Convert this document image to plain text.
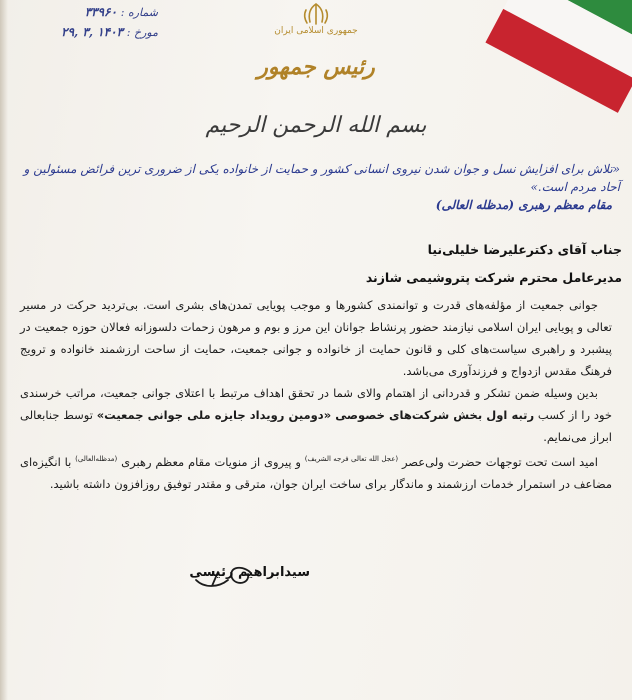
شماره : ۳۳۹۶۰
مورخ : ۱۴۰۳ ,۳ ,۲۹	جمهوری اسلامی ایران
رئیس جمهور
بسم الله الرحمن الرحیم
«تلاش برای افزایش نسل و جوان شدن نیروی انسانی کشور و حمایت از خانواده یکی از ضروری ترین فرائض مسئولین و آحاد مردم است.»
مقام معظم رهبری (مدظله العالی)
جناب آقای دکترعلیرضا خلیلی‌نیا
مدیرعامل محترم شرکت پتروشیمی شازند

جوانی جمعیت از مؤلفه‌های قدرت و توانمندی کشورها و موجب پویایی تمدن‌های بشری است. بی‌تردید حرکت در مسیر تعالی و پویایی ایران اسلامی نیازمند حضور پرنشاط جوانان این مرز و بوم و مرهون زحمات دلسوزانه فعالان حوزه جمعیت در پیشبرد و راهبری سیاست‌های کلی و قانون حمایت از خانواده و جوانی جمعیت، حمایت از ساحت ارزشمند خانواده و ترویج فرهنگ مقدس ازدواج و فرزندآوری می‌باشد.

بدین وسیله ضمن تشکر و قدردانی از اهتمام والای شما در تحقق اهداف مرتبط با اعتلای جوانی جمعیت، مراتب خرسندی خود را از کسب رتبه اول بخش شرکت‌های خصوصی «دومین رویداد جایزه ملی جوانی جمعیت» توسط جنابعالی ابراز می‌نمایم.

امید است تحت توجهات حضرت ولی‌عصر $^{(عجل الله تعالی فرجه الشریف)}$ و پیروی از منویات مقام معظم رهبری $^{(مدظله‌العالی)}$ با انگیزه‌ای مضاعف در استمرار خدمات ارزشمند و ماندگار برای ساخت ایران جوان، مترقی و مقتدر توفیق روزافزون داشته باشید.

سیدابراهیم رئیسی
